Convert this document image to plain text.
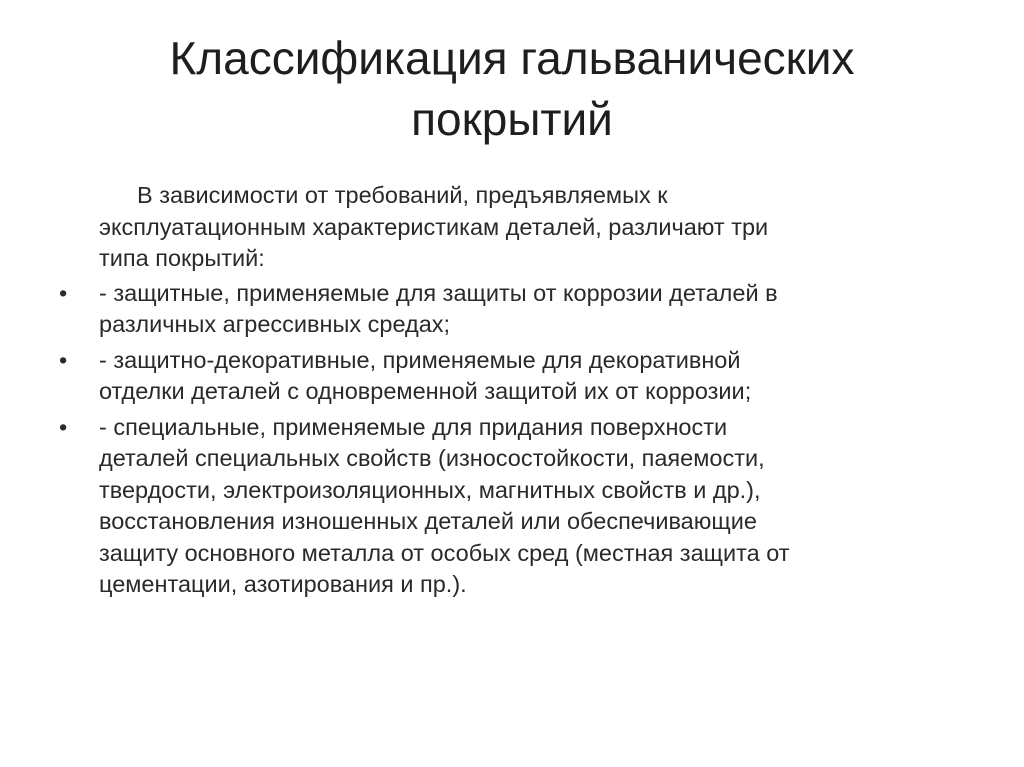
Классификация гальванических
покрытий

В зависимости от требований, предъявляемых к
эксплуатационным характеристикам деталей, различают три
типа покрытий:

•	- защитные, применяемые для защиты от коррозии деталей в
различных агрессивных средах;
•	- защитно-декоративные, применяемые для декоративной
отделки деталей с одновременной защитой их от коррозии;
•	- специальные, применяемые для придания поверхности
деталей специальных свойств (износостойкости, паяемости,
твердости, электроизоляционных, магнитных свойств и др.),
восстановления изношенных деталей или обеспечивающие
защиту основного металла от особых сред (местная защита от
цементации, азотирования и пр.).
